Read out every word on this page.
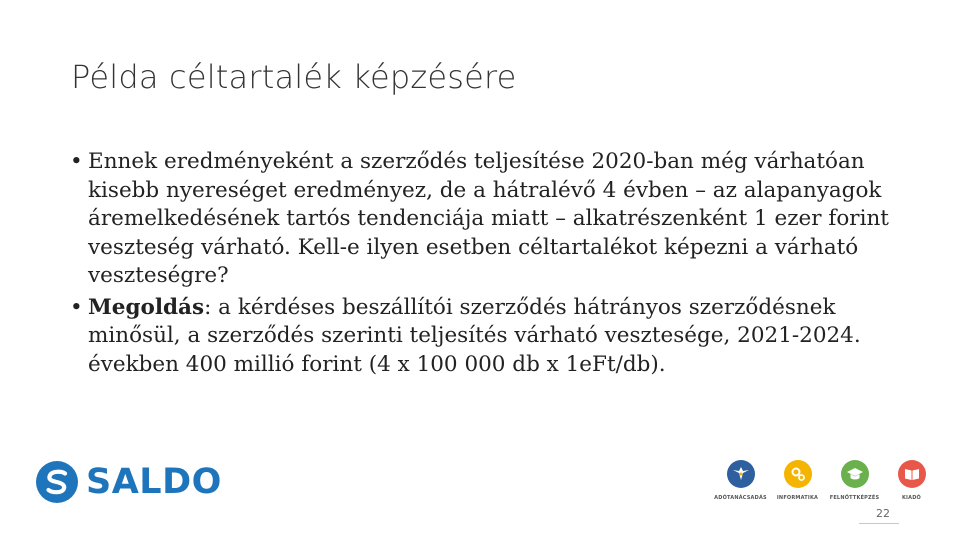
Példa céltartalék képzésére
• Ennek eredményeként a szerződés teljesítése 2020-ban még várhatóan kisebb nyereséget eredményez, de a hátralévő 4 évben – az alapanyagok áremelkedésének tartós tendenciája miatt – alkatrészenként 1 ezer forint veszteség várható. Kell-e ilyen esetben céltartalékot képezni a várható veszteségre?
• Megoldás: a kérdéses beszállítói szerződés hátrányos szerződésnek minősül, a szerződés szerinti teljesítés várható vesztesége, 2021-2024. években 400 millió forint (4 x 100 000 db x 1eFt/db).
SALDO	ADÓTANÁCSADÁS	INFORMATIKA	FELNŐTTKÉPZÉS	KIADÓ
22
